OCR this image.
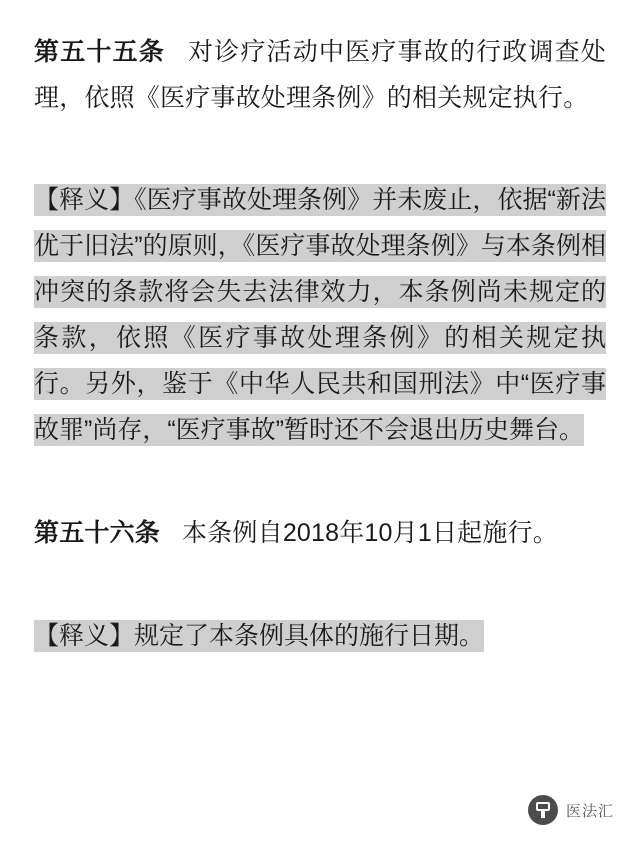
第五十五条 对诊疗活动中医疗事故的行政调查处理，依照《医疗事故处理条例》的相关规定执行。

【释义】《医疗事故处理条例》并未废止，依据“新法优于旧法”的原则，《医疗事故处理条例》与本条例相冲突的条款将会失去法律效力，本条例尚未规定的条款，依照《医疗事故处理条例》的相关规定执行。另外，鉴于《中华人民共和国刑法》中“医疗事故罪”尚存，“医疗事故”暂时还不会退出历史舞台。

第五十六条 本条例自2018年10月1日起施行。

【释义】规定了本条例具体的施行日期。

医法汇
